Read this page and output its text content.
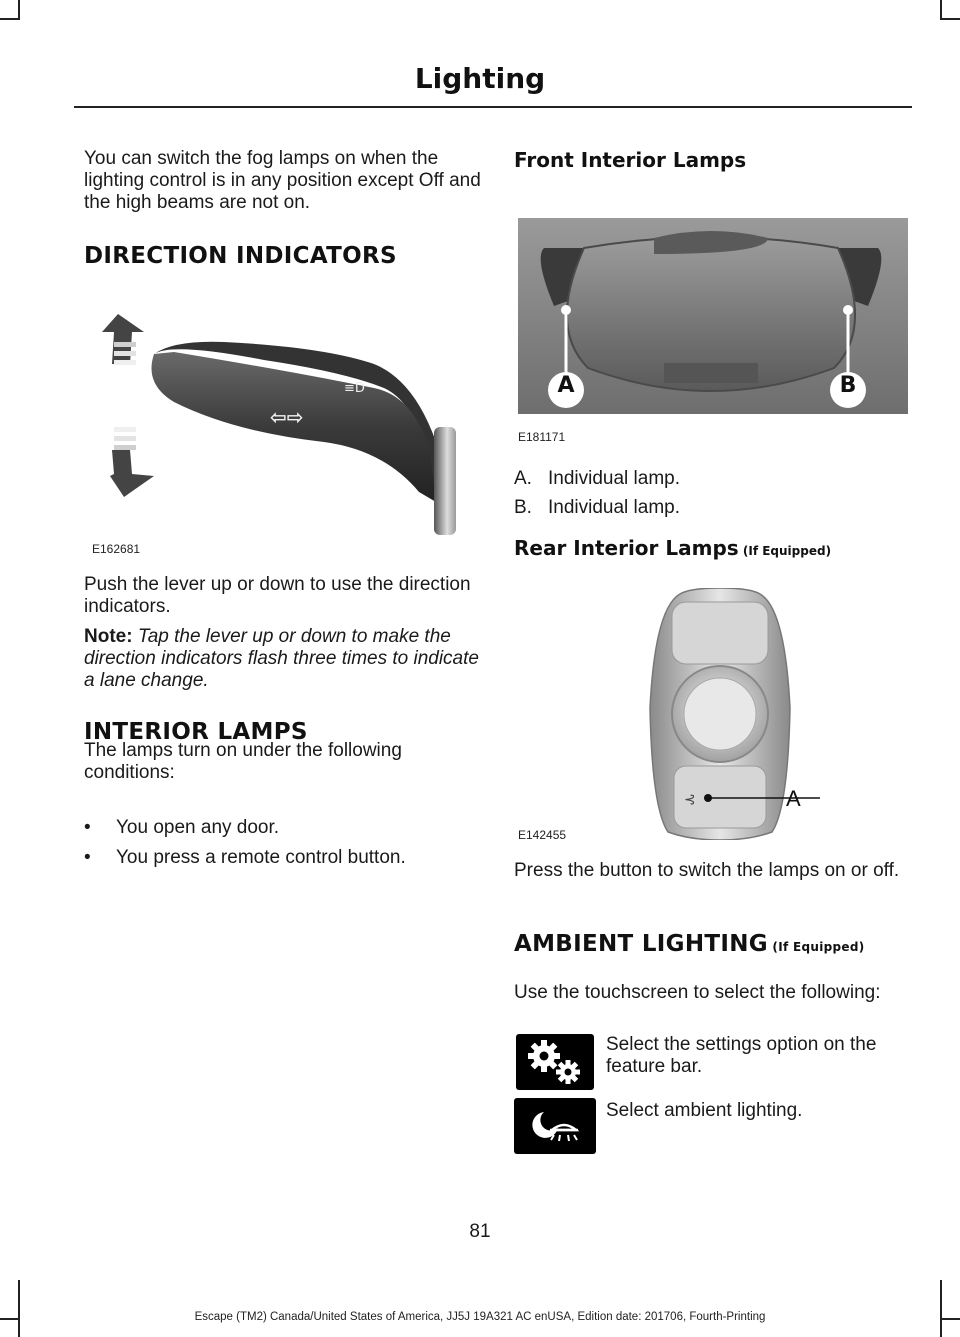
Lighting
You can switch the fog lamps on when the lighting control is in any position except Off and the high beams are not on.
DIRECTION INDICATORS
⇦⇨
≡D
E162681
Push the lever up or down to use the direction indicators.
Note: Tap the lever up or down to make the direction indicators flash three times to indicate a lane change.
INTERIOR LAMPS
The lamps turn on under the following conditions:
•	You open any door.
•	You press a remote control button.
Front Interior Lamps
A	B
E181171
A. Individual lamp.
B. Individual lamp.
Rear Interior Lamps (If Equipped)
⊰	A
E142455
Press the button to switch the lamps on or off.
AMBIENT LIGHTING (If Equipped)
Use the touchscreen to select the following:
Select the settings option on the feature bar.
Select ambient lighting.
81
Escape (TM2) Canada/United States of America, JJ5J 19A321 AC enUSA, Edition date: 201706, Fourth-Printing
